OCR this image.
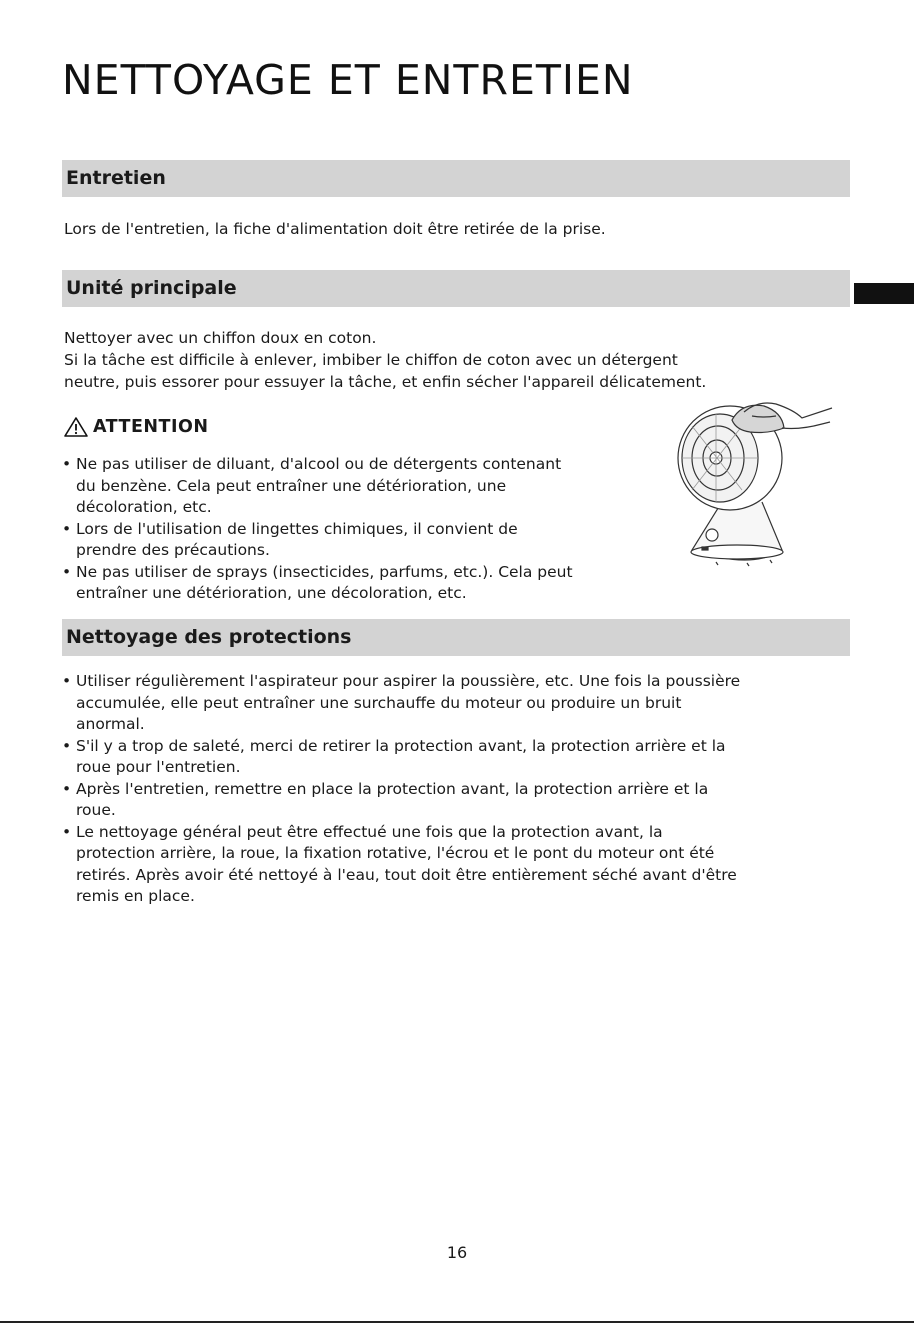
NETTOYAGE ET ENTRETIEN
Entretien

Lors de l'entretien, la fiche d'alimentation doit être retirée de la prise.

Unité principale
Nettoyer avec un chiffon doux en coton.
Si la tâche est difficile à enlever, imbiber le chiffon de coton avec un détergent
neutre, puis essorer pour essuyer la tâche, et enfin sécher l'appareil délicatement.
ATTENTION
• Ne pas utiliser de diluant, d'alcool ou de détergents contenant
du benzène. Cela peut entraîner une détérioration, une
décoloration, etc.
• Lors de l'utilisation de lingettes chimiques, il convient de
prendre des précautions.
• Ne pas utiliser de sprays (insecticides, parfums, etc.). Cela peut
entraîner une détérioration, une décoloration, etc.
Nettoyage des protections
• Utiliser régulièrement l'aspirateur pour aspirer la poussière, etc. Une fois la poussière
accumulée, elle peut entraîner une surchauffe du moteur ou produire un bruit
anormal.
• S'il y a trop de saleté, merci de retirer la protection avant, la protection arrière et la
roue pour l'entretien.
• Après l'entretien, remettre en place la protection avant, la protection arrière et la
roue.
• Le nettoyage général peut être effectué une fois que la protection avant, la
protection arrière, la roue, la fixation rotative, l'écrou et le pont du moteur ont été
retirés. Après avoir été nettoyé à l'eau, tout doit être entièrement séché avant d'être
remis en place.
16
